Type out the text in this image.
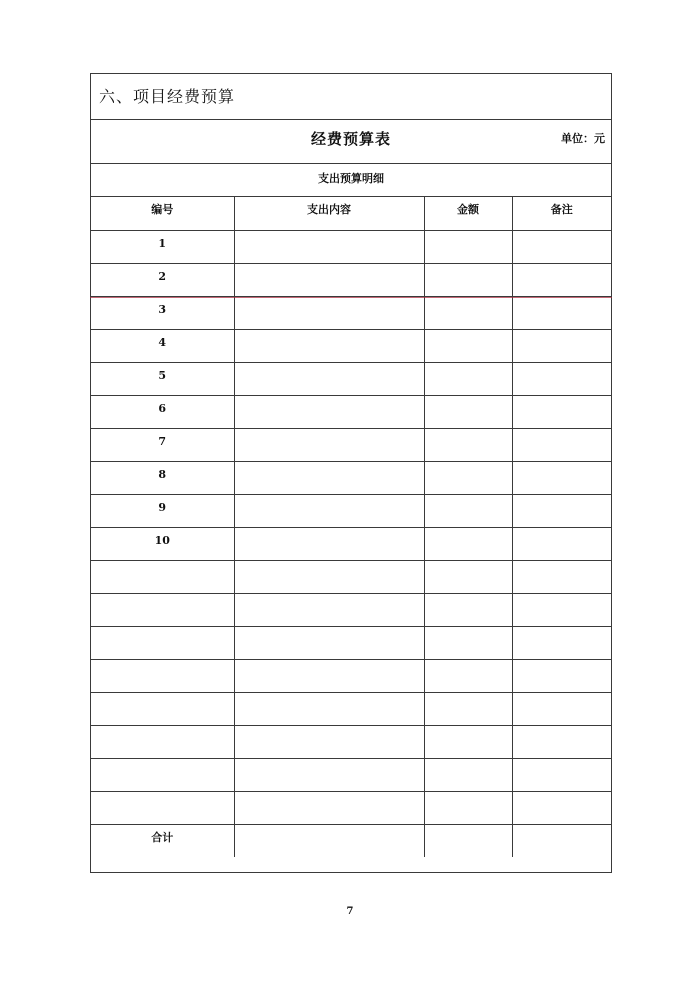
六、项目经费预算
经费预算表	单位：元
支出预算明细
编号	支出内容	金额	备注
1			
2			
3			
4			
5			
6			
7			
8			
9			
10			

合计			
7
